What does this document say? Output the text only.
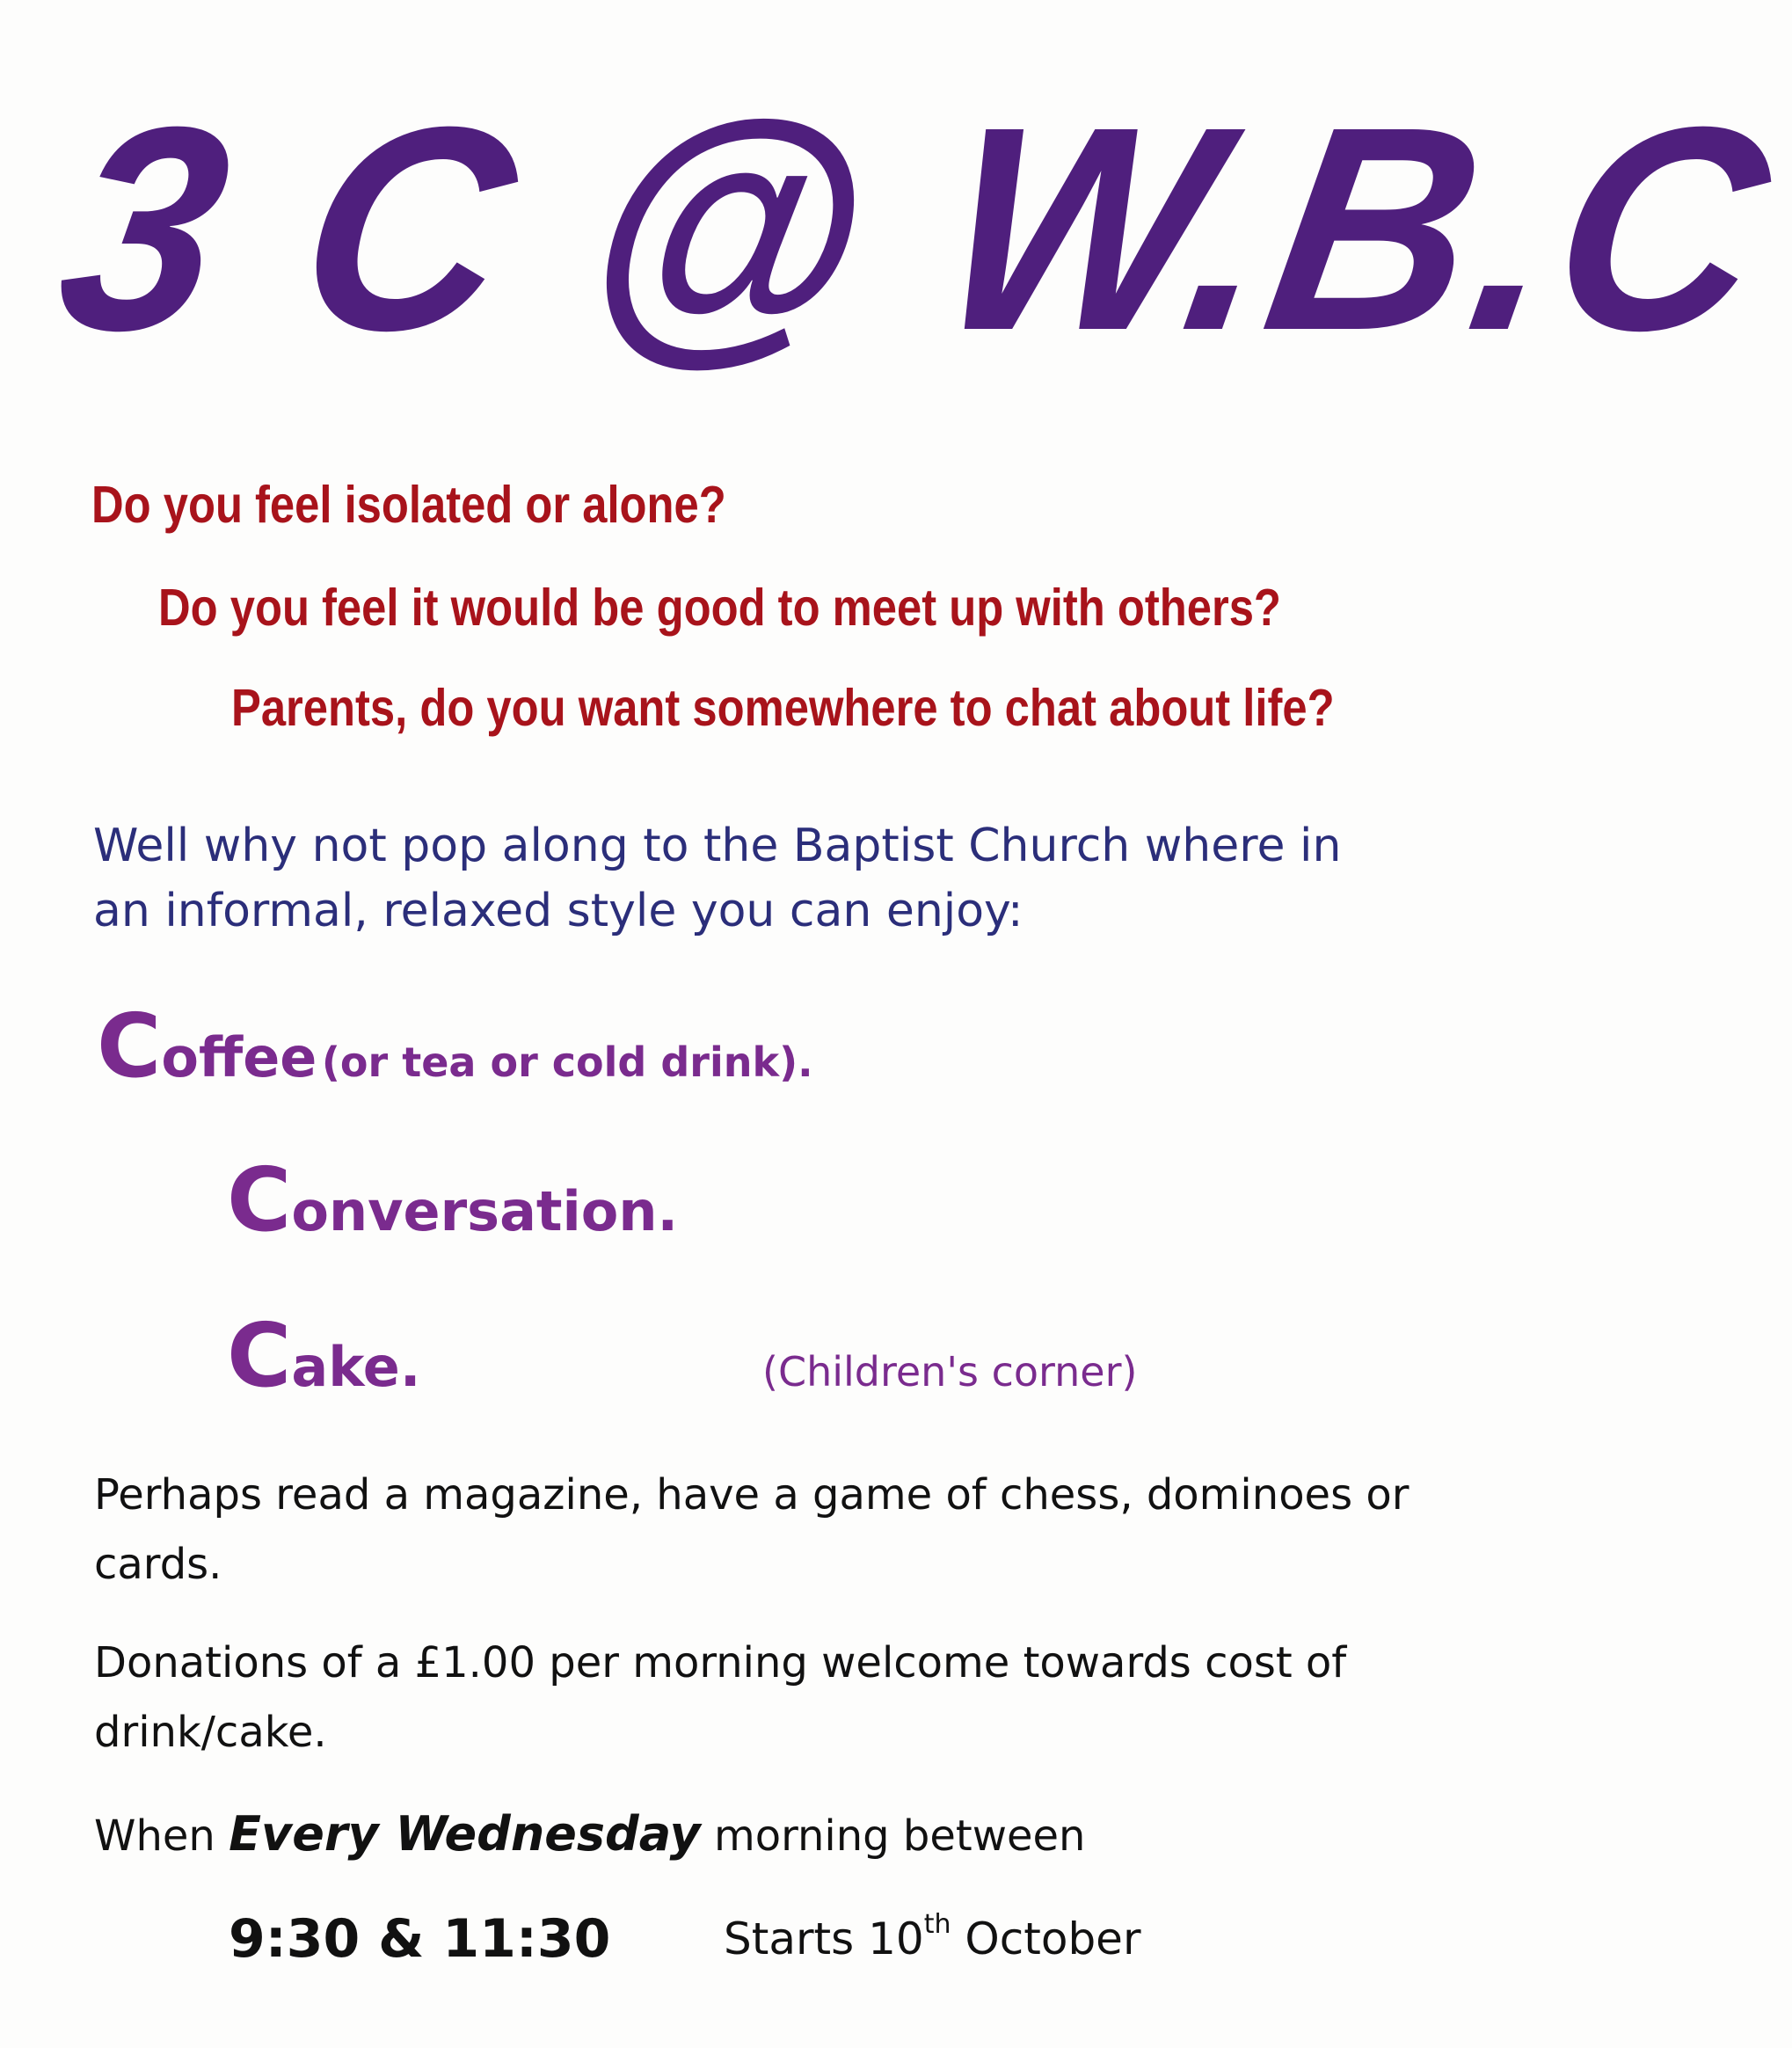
3 C @ W.B.C
Do you feel isolated or alone?
Do you feel it would be good to meet up with others?
Parents, do you want somewhere to chat about life?
Well why not pop along to the Baptist Church where in an informal, relaxed style you can enjoy:
Coffee (or tea or cold drink).
Conversation.
Cake.	(Children's corner)
Perhaps read a magazine, have a game of chess, dominoes or cards.
Donations of a £1.00 per morning welcome towards cost of drink/cake.
When Every Wednesday morning between
9:30 & 11:30	Starts 10th October
